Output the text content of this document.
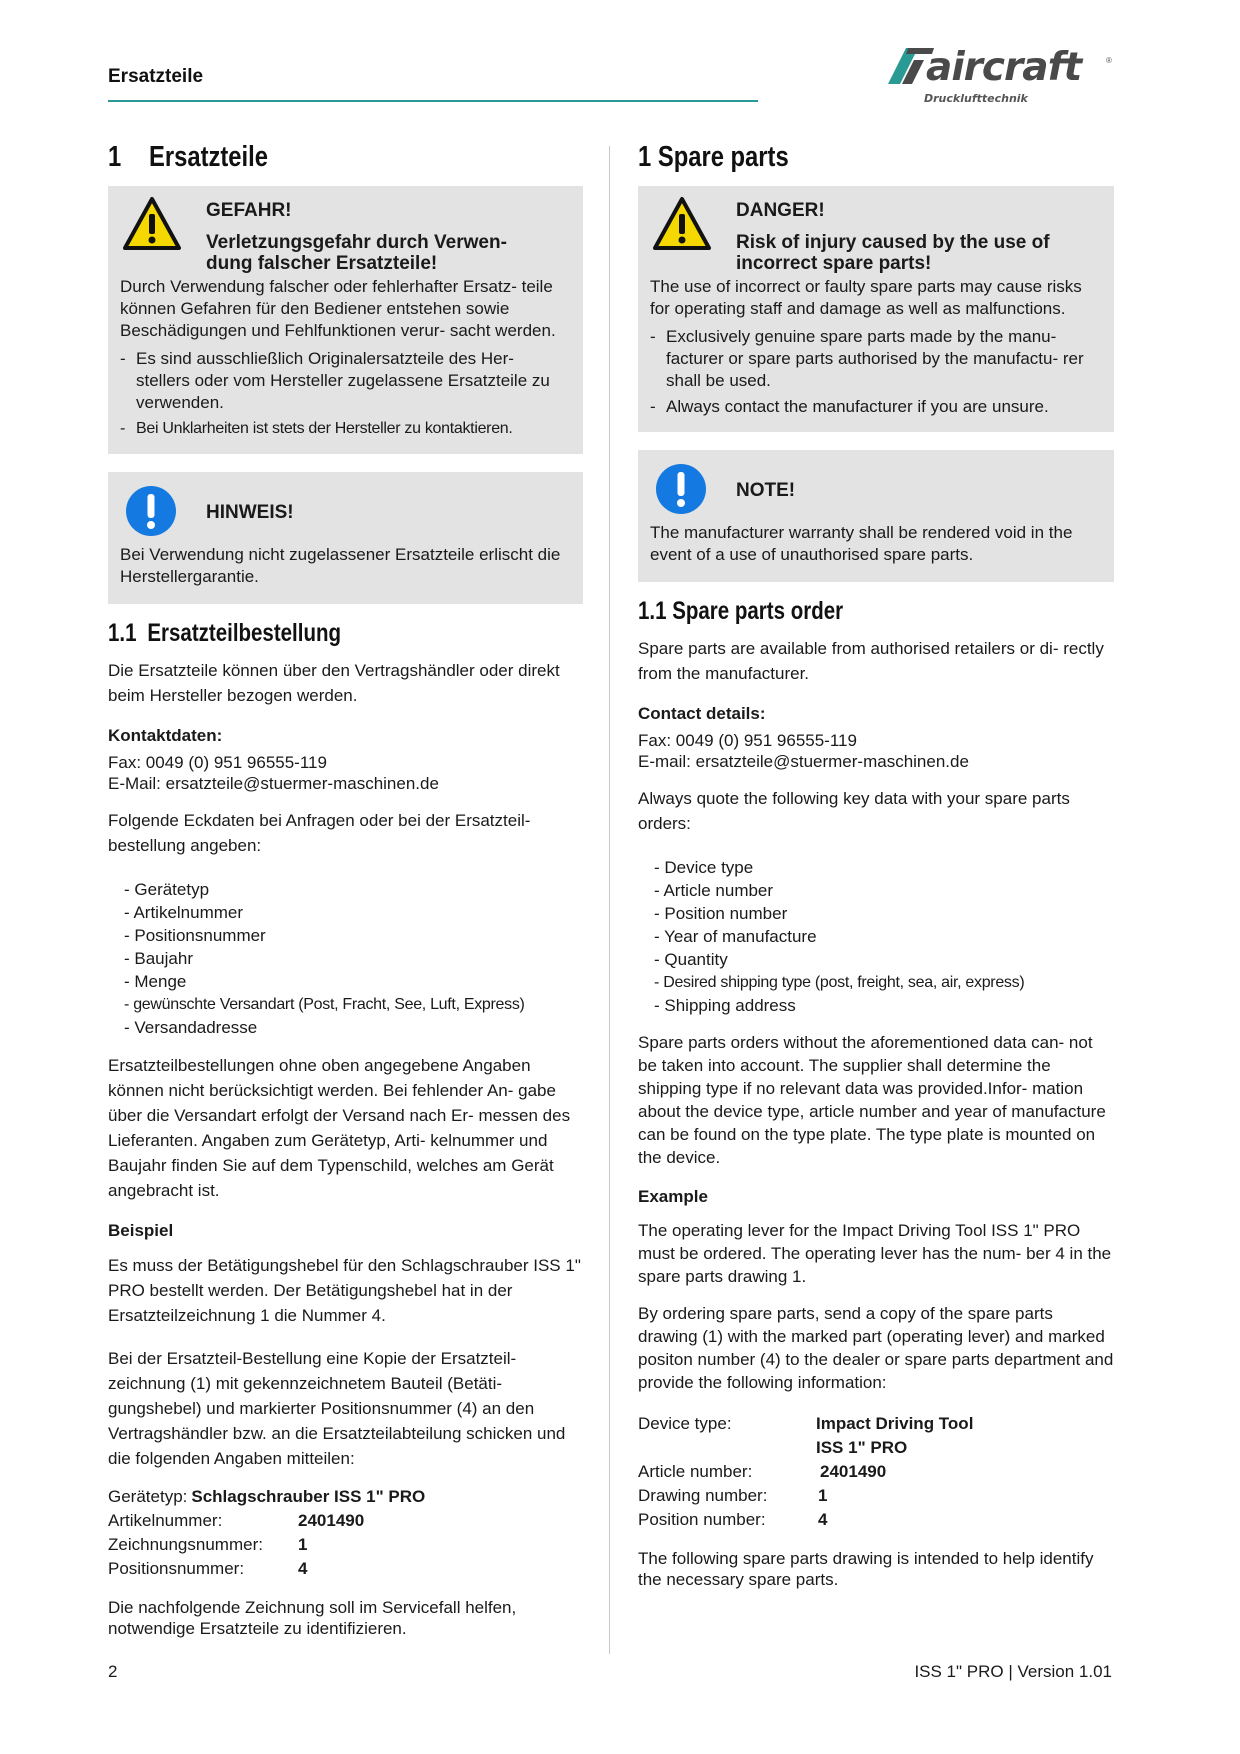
Ersatzteile	aircraft	®
Drucklufttechnik
1 Ersatzteile
GEFAHR!
Verletzungsgefahr durch Verwen-
dung falscher Ersatzteile!

Durch Verwendung falscher oder fehlerhafter Ersatz- teile können Gefahren für den Bediener entstehen sowie Beschädigungen und Fehlfunktionen verur- sacht werden.

- Es sind ausschließlich Originalersatzteile des Her- stellers oder vom Hersteller zugelassene Ersatzteile zu verwenden.
- Bei Unklarheiten ist stets der Hersteller zu kontaktieren.
HINWEIS!

Bei Verwendung nicht zugelassener Ersatzteile erlischt die Herstellergarantie.

1.1 Ersatzteilbestellung

Die Ersatzteile können über den Vertragshändler oder direkt beim Hersteller bezogen werden.

Kontaktdaten:
Fax: 0049 (0) 951 96555-119
E-Mail: ersatzteile@stuermer-maschinen.de

Folgende Eckdaten bei Anfragen oder bei der Ersatzteil- bestellung angeben:

- Gerätetyp
- Artikelnummer
- Positionsnummer
- Baujahr
- Menge
- gewünschte Versandart (Post, Fracht, See, Luft, Express)
- Versandadresse

Ersatzteilbestellungen ohne oben angegebene Angaben können nicht berücksichtigt werden. Bei fehlender An- gabe über die Versandart erfolgt der Versand nach Er- messen des Lieferanten. Angaben zum Gerätetyp, Arti- kelnummer und Baujahr finden Sie auf dem Typenschild, welches am Gerät angebracht ist.

Beispiel

Es muss der Betätigungshebel für den Schlagschrauber ISS 1" PRO bestellt werden. Der Betätigungshebel hat in der Ersatzteilzeichnung 1 die Nummer 4.

Bei der Ersatzteil-Bestellung eine Kopie der Ersatzteil- zeichnung (1) mit gekennzeichnetem Bauteil (Betäti- gungshebel) und markierter Positionsnummer (4) an den Vertragshändler bzw. an die Ersatzteilabteilung schicken und die folgenden Angaben mitteilen:

Gerätetyp: Schlagschrauber ISS 1" PRO
Artikelnummer:	2401490
Zeichnungsnummer:	1
Positionsnummer:	4

Die nachfolgende Zeichnung soll im Servicefall helfen, notwendige Ersatzteile zu identifizieren.

1 Spare parts
DANGER!
Risk of injury caused by the use of
incorrect spare parts!

The use of incorrect or faulty spare parts may cause risks for operating staff and damage as well as malfunctions.

- Exclusively genuine spare parts made by the manu- facturer or spare parts authorised by the manufactu- rer shall be used.
- Always contact the manufacturer if you are unsure.
NOTE!

The manufacturer warranty shall be rendered void in the event of a use of unauthorised spare parts.

1.1 Spare parts order

Spare parts are available from authorised retailers or di- rectly from the manufacturer.

Contact details:
Fax: 0049 (0) 951 96555-119
E-mail: ersatzteile@stuermer-maschinen.de

Always quote the following key data with your spare parts orders:

- Device type
- Article number
- Position number
- Year of manufacture
- Quantity
- Desired shipping type (post, freight, sea, air, express)
- Shipping address

Spare parts orders without the aforementioned data can- not be taken into account. The supplier shall determine the shipping type if no relevant data was provided.Infor- mation about the device type, article number and year of manufacture can be found on the type plate. The type plate is mounted on the device.

Example

The operating lever for the Impact Driving Tool ISS 1" PRO must be ordered. The operating lever has the num- ber 4 in the spare parts drawing 1.

By ordering spare parts, send a copy of the spare parts drawing (1) with the marked part (operating lever) and marked positon number (4) to the dealer or spare parts department and provide the following information:

Device type:	Impact Driving Tool
ISS 1" PRO
Article number:	2401490
Drawing number:	1
Position number:	4

The following spare parts drawing is intended to help identify the necessary spare parts.

2	ISS 1" PRO | Version 1.01
